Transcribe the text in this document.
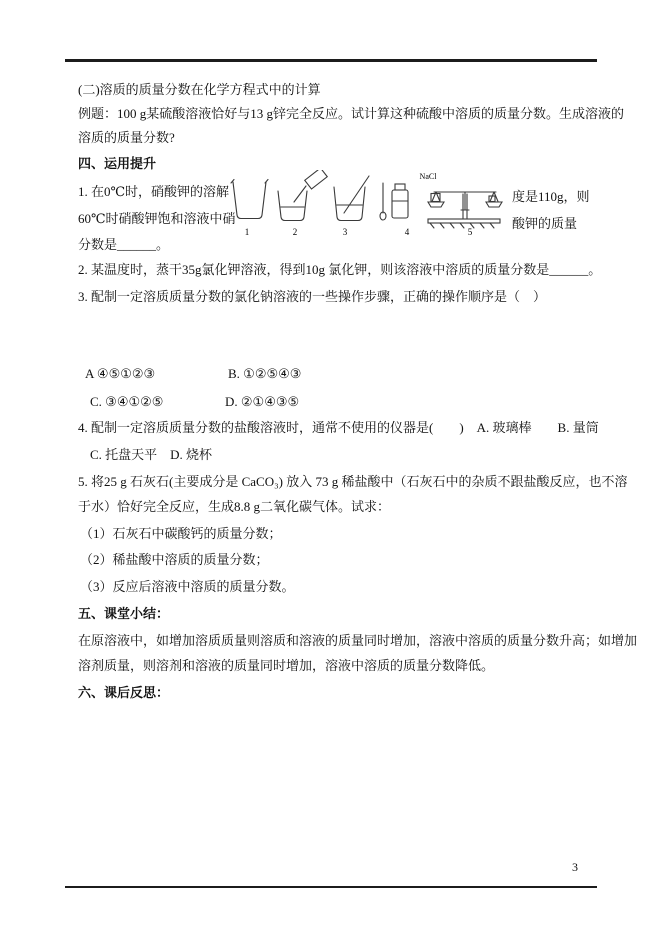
(二)溶质的质量分数在化学方程式中的计算
例题：100 g某硫酸溶液恰好与13 g锌完全反应。试计算这种硫酸中溶质的质量分数。生成溶液的
溶质的质量分数?
四、运用提升
1. 在0℃时，硝酸钾的溶解
60℃时硝酸钾饱和溶液中硝
分数是______。
度是110g，则
酸钾的质量
NaCl
1	2	3	4	5
2. 某温度时，蒸干35g氯化钾溶液，得到10g 氯化钾，则该溶液中溶质的质量分数是______。
3. 配制一定溶质质量分数的氯化钠溶液的一些操作步骤，正确的操作顺序是（　）
A ④⑤①②③	B. ①②⑤④③
C. ③④①②⑤	D. ②①④③⑤
4. 配制一定溶质质量分数的盐酸溶液时，通常不使用的仪器是(　　)　A. 玻璃棒　　B. 量筒
C. 托盘天平　D. 烧杯
5. 将25 g 石灰石(主要成分是 CaCO₃) 放入 73 g 稀盐酸中（石灰石中的杂质不跟盐酸反应，也不溶
于水）恰好完全反应，生成8.8 g二氧化碳气体。试求：
（1）石灰石中碳酸钙的质量分数；
（2）稀盐酸中溶质的质量分数；
（3）反应后溶液中溶质的质量分数。
五、课堂小结：
在原溶液中，如增加溶质质量则溶质和溶液的质量同时增加，溶液中溶质的质量分数升高；如增加
溶剂质量，则溶剂和溶液的质量同时增加，溶液中溶质的质量分数降低。
六、课后反思：
3
